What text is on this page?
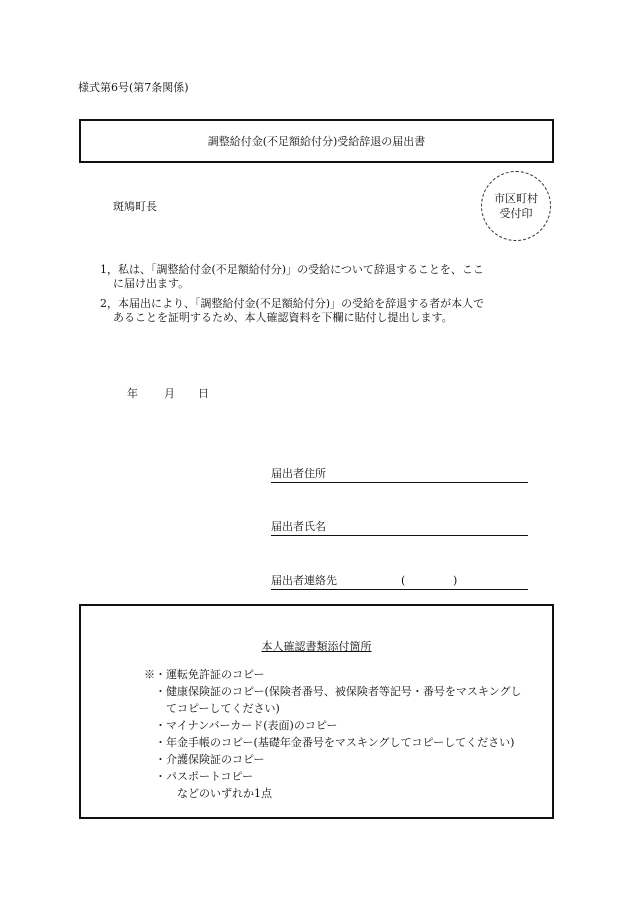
様式第6号(第7条関係)
調整給付金(不足額給付分)受給辞退の届出書
斑鳩町長
市区町村
受付印
1，私は、「調整給付金(不足額給付分)」の受給について辞退することを、ここ
に届け出ます。
2，本届出により、「調整給付金(不足額給付分)」の受給を辞退する者が本人で
あることを証明するため、本人確認資料を下欄に貼付し提出します。
年 月 日
届出者住所
届出者氏名
届出者連絡先	(	)
本人確認書類添付箇所
※・運転免許証のコピー
・健康保険証のコピー(保険者番号、被保険者等記号・番号をマスキングし
てコピーしてください)
・マイナンバーカード(表面)のコピー
・年金手帳のコピー(基礎年金番号をマスキングしてコピーしてください)
・介護保険証のコピー
・パスポートコピー
などのいずれか1点
